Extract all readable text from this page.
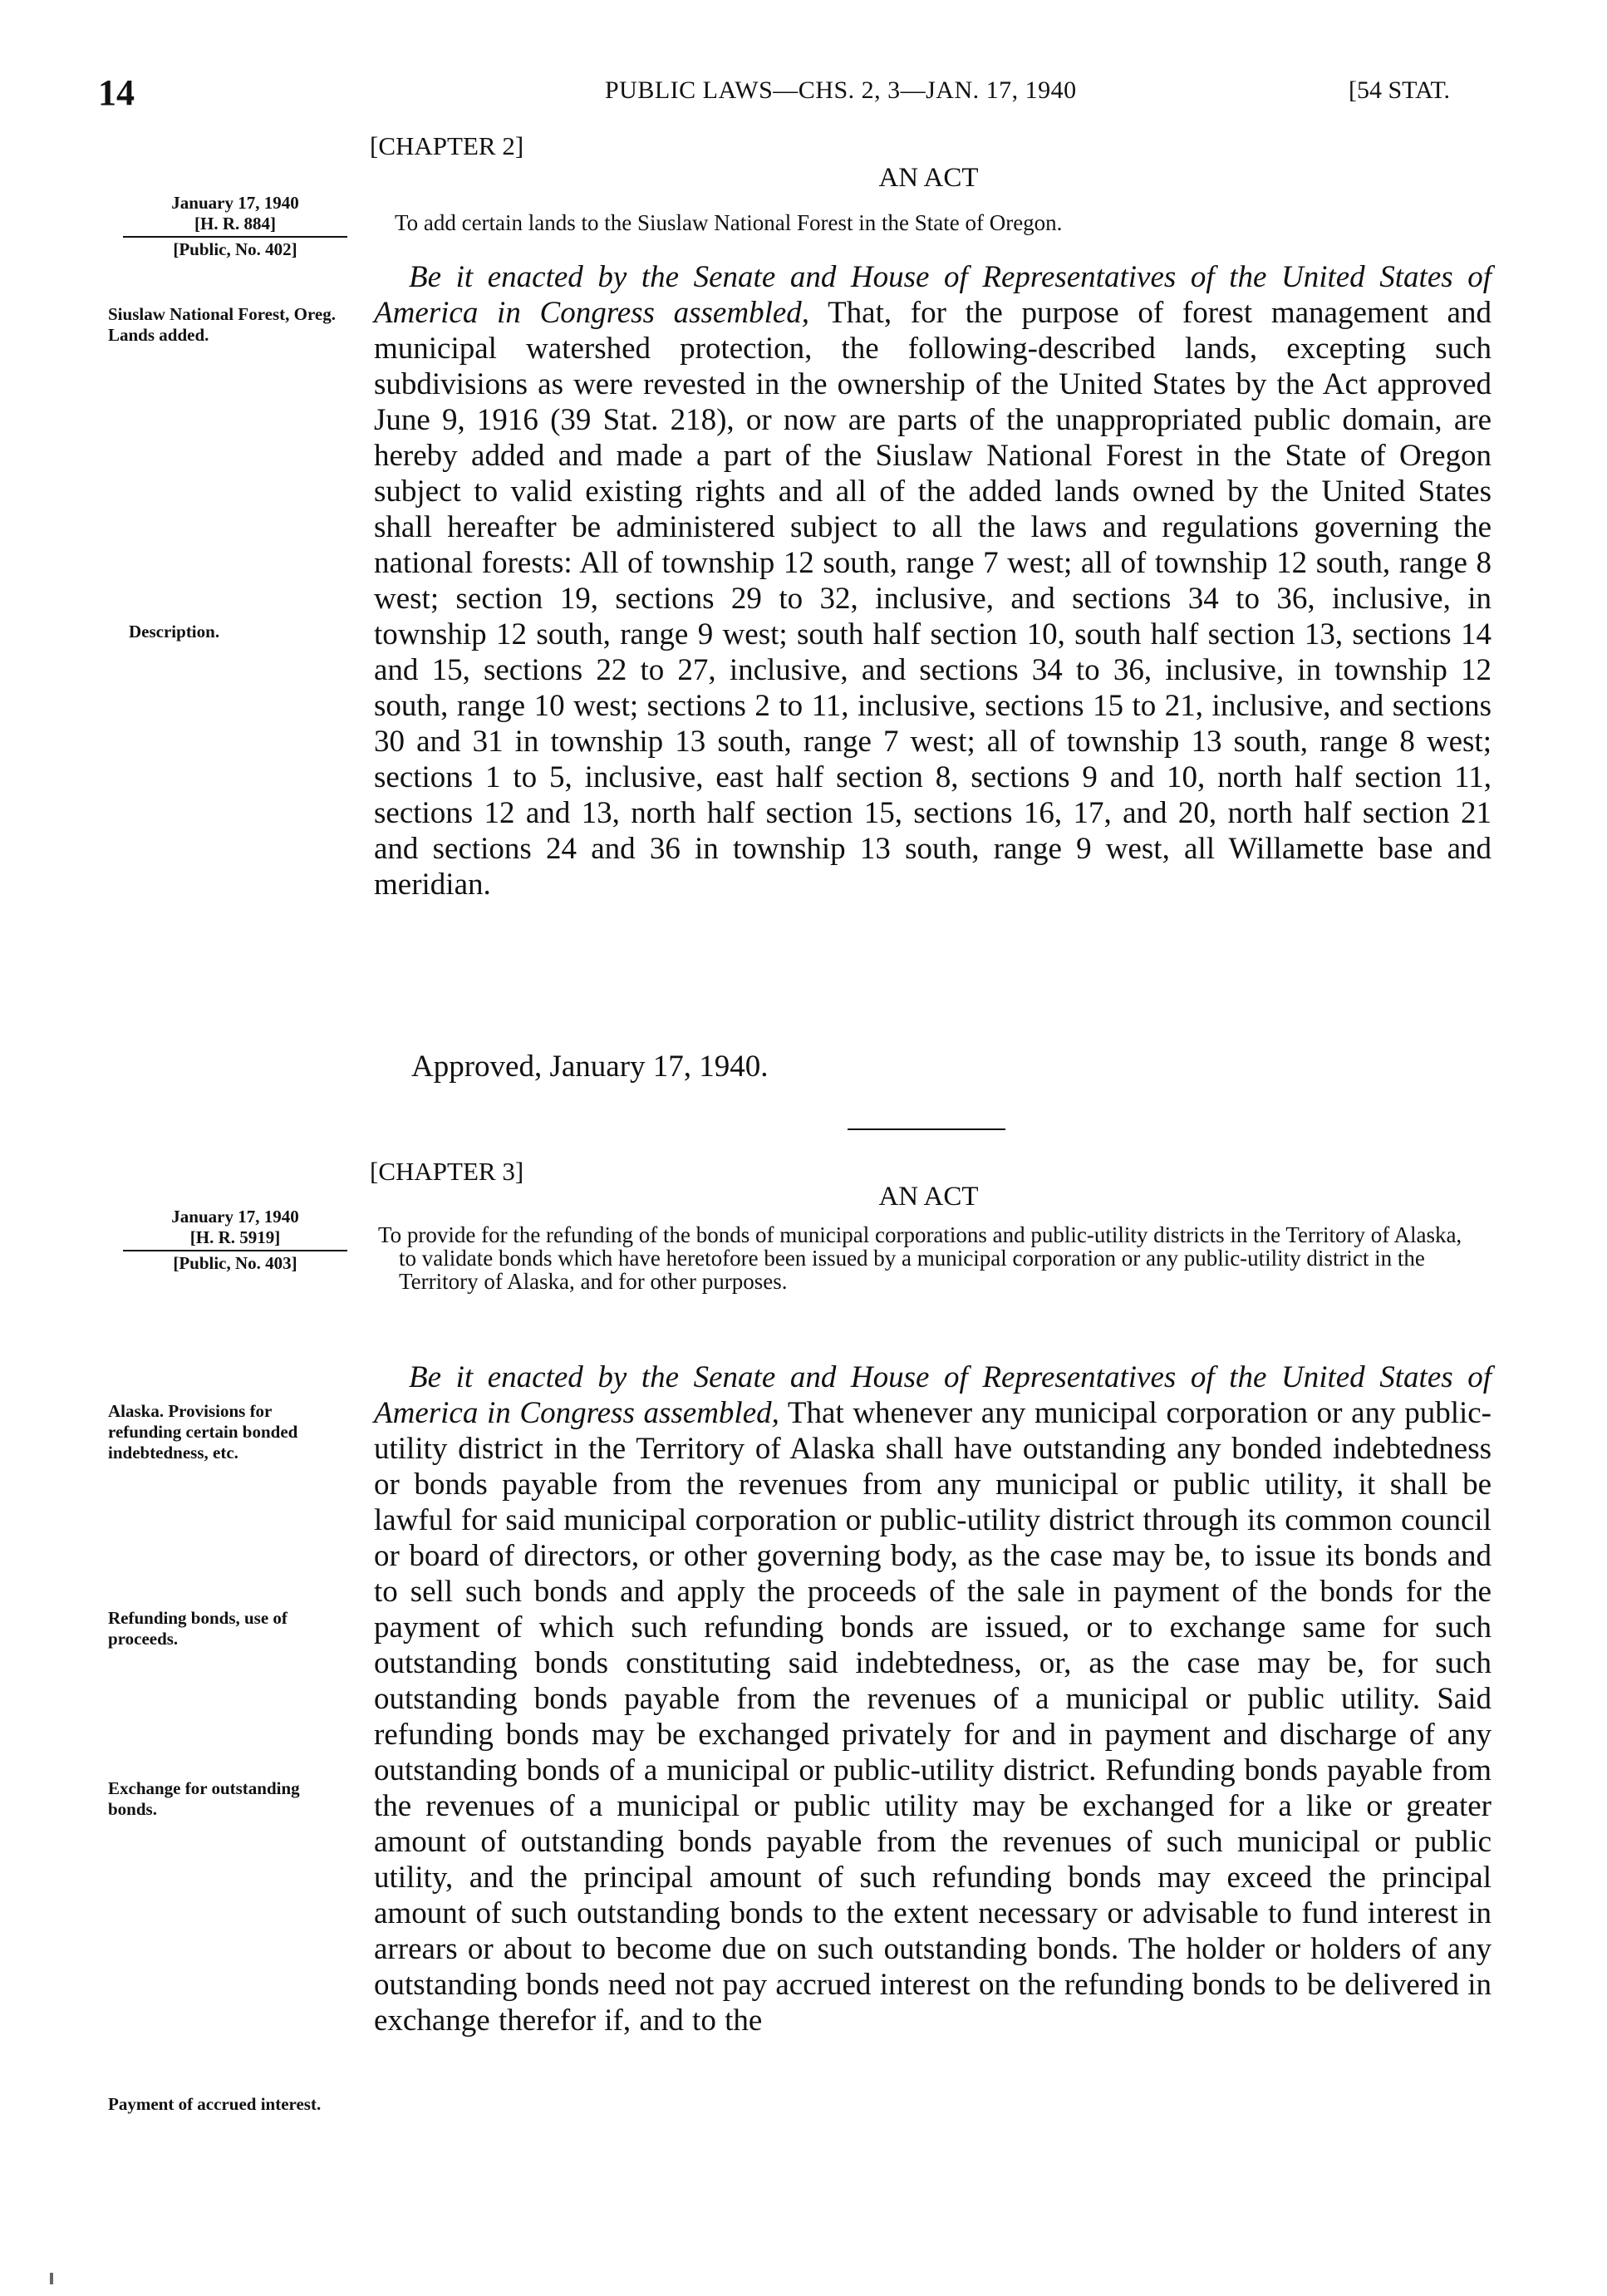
14	PUBLIC LAWS—CHS. 2, 3—JAN. 17, 1940	[54 STAT.
[CHAPTER 2]
AN ACT
To add certain lands to the Siuslaw National Forest in the State of Oregon.
January 17, 1940
[H. R. 884]
[Public, No. 402]
Siuslaw National Forest, Oreg. Lands added.
Description.
Be it enacted by the Senate and House of Representatives of the United States of America in Congress assembled, That, for the purpose of forest management and municipal watershed protection, the following-described lands, excepting such subdivisions as were revested in the ownership of the United States by the Act approved June 9, 1916 (39 Stat. 218), or now are parts of the unappropriated public domain, are hereby added and made a part of the Siuslaw National Forest in the State of Oregon subject to valid existing rights and all of the added lands owned by the United States shall hereafter be administered subject to all the laws and regulations governing the national forests: All of township 12 south, range 7 west; all of township 12 south, range 8 west; section 19, sections 29 to 32, inclusive, and sections 34 to 36, inclusive, in township 12 south, range 9 west; south half section 10, south half section 13, sections 14 and 15, sections 22 to 27, inclusive, and sections 34 to 36, inclusive, in township 12 south, range 10 west; sections 2 to 11, inclusive, sections 15 to 21, inclusive, and sections 30 and 31 in township 13 south, range 7 west; all of township 13 south, range 8 west; sections 1 to 5, inclusive, east half section 8, sections 9 and 10, north half section 11, sections 12 and 13, north half section 15, sections 16, 17, and 20, north half section 21 and sections 24 and 36 in township 13 south, range 9 west, all Willamette base and meridian.
Approved, January 17, 1940.
[CHAPTER 3]
AN ACT
To provide for the refunding of the bonds of municipal corporations and public-utility districts in the Territory of Alaska, to validate bonds which have heretofore been issued by a municipal corporation or any public-utility district in the Territory of Alaska, and for other purposes.
January 17, 1940
[H. R. 5919]
[Public, No. 403]
Alaska. Provisions for refunding certain bonded indebtedness, etc.
Refunding bonds, use of proceeds.
Exchange for outstanding bonds.
Payment of accrued interest.
Be it enacted by the Senate and House of Representatives of the United States of America in Congress assembled, That whenever any municipal corporation or any public-utility district in the Territory of Alaska shall have outstanding any bonded indebtedness or bonds payable from the revenues from any municipal or public utility, it shall be lawful for said municipal corporation or public-utility district through its common council or board of directors, or other governing body, as the case may be, to issue its bonds and to sell such bonds and apply the proceeds of the sale in payment of the bonds for the payment of which such refunding bonds are issued, or to exchange same for such outstanding bonds constituting said indebtedness, or, as the case may be, for such outstanding bonds payable from the revenues of a municipal or public utility. Said refunding bonds may be exchanged privately for and in payment and discharge of any outstanding bonds of a municipal or public-utility district. Refunding bonds payable from the revenues of a municipal or public utility may be exchanged for a like or greater amount of outstanding bonds payable from the revenues of such municipal or public utility, and the principal amount of such refunding bonds may exceed the principal amount of such outstanding bonds to the extent necessary or advisable to fund interest in arrears or about to become due on such outstanding bonds. The holder or holders of any outstanding bonds need not pay accrued interest on the refunding bonds to be delivered in exchange therefor if, and to the
